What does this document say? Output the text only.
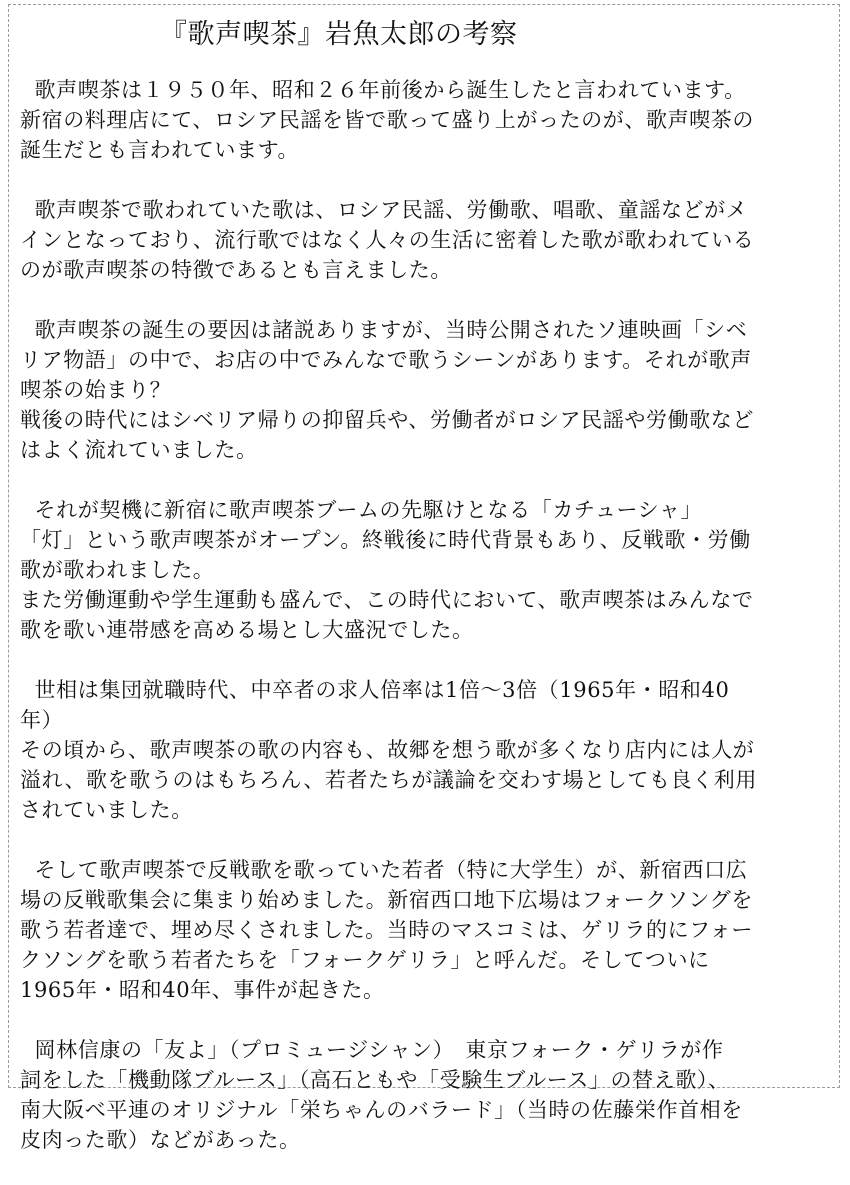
『歌声喫茶』岩魚太郎の考察
歌声喫茶は１９５０年、昭和２６年前後から誕生したと言われています。
新宿の料理店にて、ロシア民謡を皆で歌って盛り上がったのが、歌声喫茶の
誕生だとも言われています。
歌声喫茶で歌われていた歌は、ロシア民謡、労働歌、唱歌、童謡などがメ
インとなっており、流行歌ではなく人々の生活に密着した歌が歌われている
のが歌声喫茶の特徴であるとも言えました。
歌声喫茶の誕生の要因は諸説ありますが、当時公開されたソ連映画「シベ
リア物語」の中で、お店の中でみんなで歌うシーンがあります。それが歌声
喫茶の始まり？
戦後の時代にはシベリア帰りの抑留兵や、労働者がロシア民謡や労働歌など
はよく流れていました。
それが契機に新宿に歌声喫茶ブームの先駆けとなる「カチューシャ」
「灯」という歌声喫茶がオープン。終戦後に時代背景もあり、反戦歌・労働
歌が歌われました。
また労働運動や学生運動も盛んで、この時代において、歌声喫茶はみんなで
歌を歌い連帯感を高める場とし大盛況でした。
世相は集団就職時代、中卒者の求人倍率は1倍～3倍（1965年・昭和40
年）
その頃から、歌声喫茶の歌の内容も、故郷を想う歌が多くなり店内には人が
溢れ、歌を歌うのはもちろん、若者たちが議論を交わす場としても良く利用
されていました。
そして歌声喫茶で反戦歌を歌っていた若者（特に大学生）が、新宿西口広
場の反戦歌集会に集まり始めました。新宿西口地下広場はフォークソングを
歌う若者達で、埋め尽くされました。当時のマスコミは、ゲリラ的にフォー
クソングを歌う若者たちを「フォークゲリラ」と呼んだ。そしてついに
1965年・昭和40年、事件が起きた。
岡林信康の「友よ」（プロミュージシャン）　東京フォーク・ゲリラが作
詞をした「機動隊ブルース」（高石ともや「受験生ブルース」の替え歌）、
南大阪べ平連のオリジナル「栄ちゃんのバラード」（当時の佐藤栄作首相を
皮肉った歌）などがあった。
